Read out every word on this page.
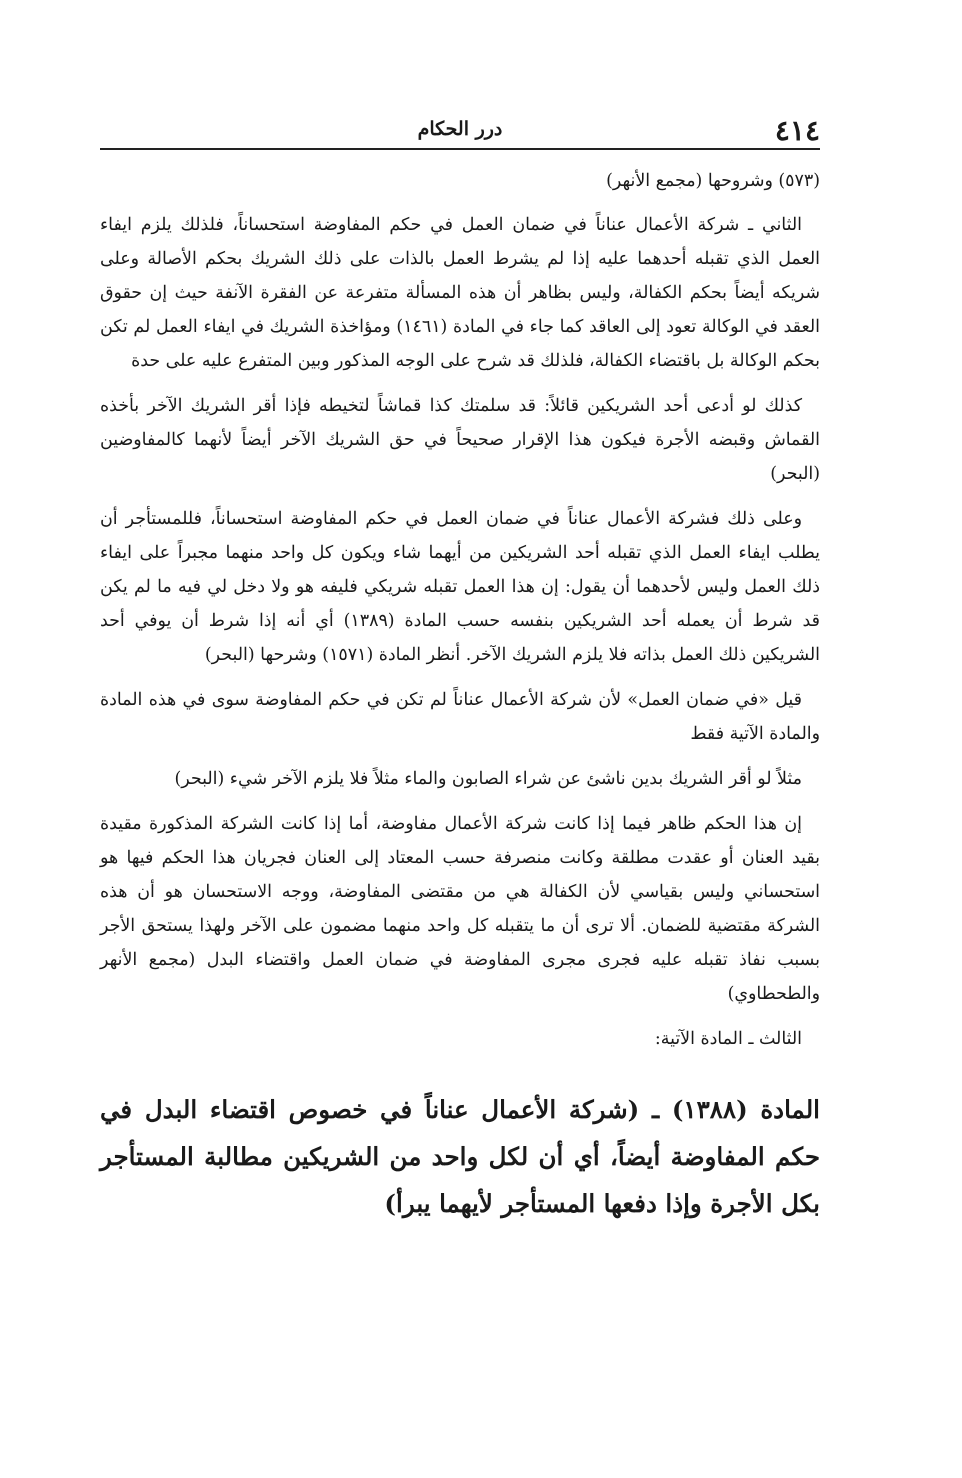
٤١٤
درر الحكام

(٥٧٣) وشروحها (مجمع الأنهر)

الثاني ـ شركة الأعمال عناناً في ضمان العمل في حكم المفاوضة استحساناً، فلذلك يلزم ايفاء العمل الذي تقبله أحدهما عليه إذا لم يشرط العمل بالذات على ذلك الشريك بحكم الأصالة وعلى شريكه أيضاً بحكم الكفالة، وليس بظاهر أن هذه المسألة متفرعة عن الفقرة الآنفة حيث إن حقوق العقد في الوكالة تعود إلى العاقد كما جاء في المادة (١٤٦١) ومؤاخذة الشريك في ايفاء العمل لم تكن بحكم الوكالة بل باقتضاء الكفالة، فلذلك قد شرح على الوجه المذكور وبين المتفرع عليه على حدة

كذلك لو أدعى أحد الشريكين قائلاً: قد سلمتك كذا قماشاً لتخيطه فإذا أقر الشريك الآخر بأخذه القماش وقبضه الأجرة فيكون هذا الإقرار صحيحاً في حق الشريك الآخر أيضاً لأنهما كالمفاوضين (البحر)

وعلى ذلك فشركة الأعمال عناناً في ضمان العمل في حكم المفاوضة استحساناً، فللمستأجر أن يطلب ايفاء العمل الذي تقبله أحد الشريكين من أيهما شاء ويكون كل واحد منهما مجبراً على ايفاء ذلك العمل وليس لأحدهما أن يقول: إن هذا العمل تقبله شريكي فليفه هو ولا دخل لي فيه ما لم يكن قد شرط أن يعمله أحد الشريكين بنفسه حسب المادة (١٣٨٩) أي أنه إذا شرط أن يوفي أحد الشريكين ذلك العمل بذاته فلا يلزم الشريك الآخر. أنظر المادة (١٥٧١) وشرحها (البحر)

قيل «في ضمان العمل» لأن شركة الأعمال عناناً لم تكن في حكم المفاوضة سوى في هذه المادة والمادة الآتية فقط

مثلاً لو أقر الشريك بدين ناشئ عن شراء الصابون والماء مثلاً فلا يلزم الآخر شيء (البحر)

إن هذا الحكم ظاهر فيما إذا كانت شركة الأعمال مفاوضة، أما إذا كانت الشركة المذكورة مقيدة بقيد العنان أو عقدت مطلقة وكانت منصرفة حسب المعتاد إلى العنان فجريان هذا الحكم فيها هو استحساني وليس بقياسي لأن الكفالة هي من مقتضى المفاوضة، ووجه الاستحسان هو أن هذه الشركة مقتضية للضمان. ألا ترى أن ما يتقبله كل واحد منهما مضمون على الآخر ولهذا يستحق الأجر بسبب نفاذ تقبله عليه فجرى مجرى المفاوضة في ضمان العمل واقتضاء البدل (مجمع الأنهر والطحطاوي)

الثالث ـ المادة الآتية:

المادة (١٣٨٨) ـ (شركة الأعمال عناناً في خصوص اقتضاء البدل في حكم المفاوضة أيضاً، أي أن لكل واحد من الشريكين مطالبة المستأجر بكل الأجرة وإذا دفعها المستأجر لأيهما يبرأ)
